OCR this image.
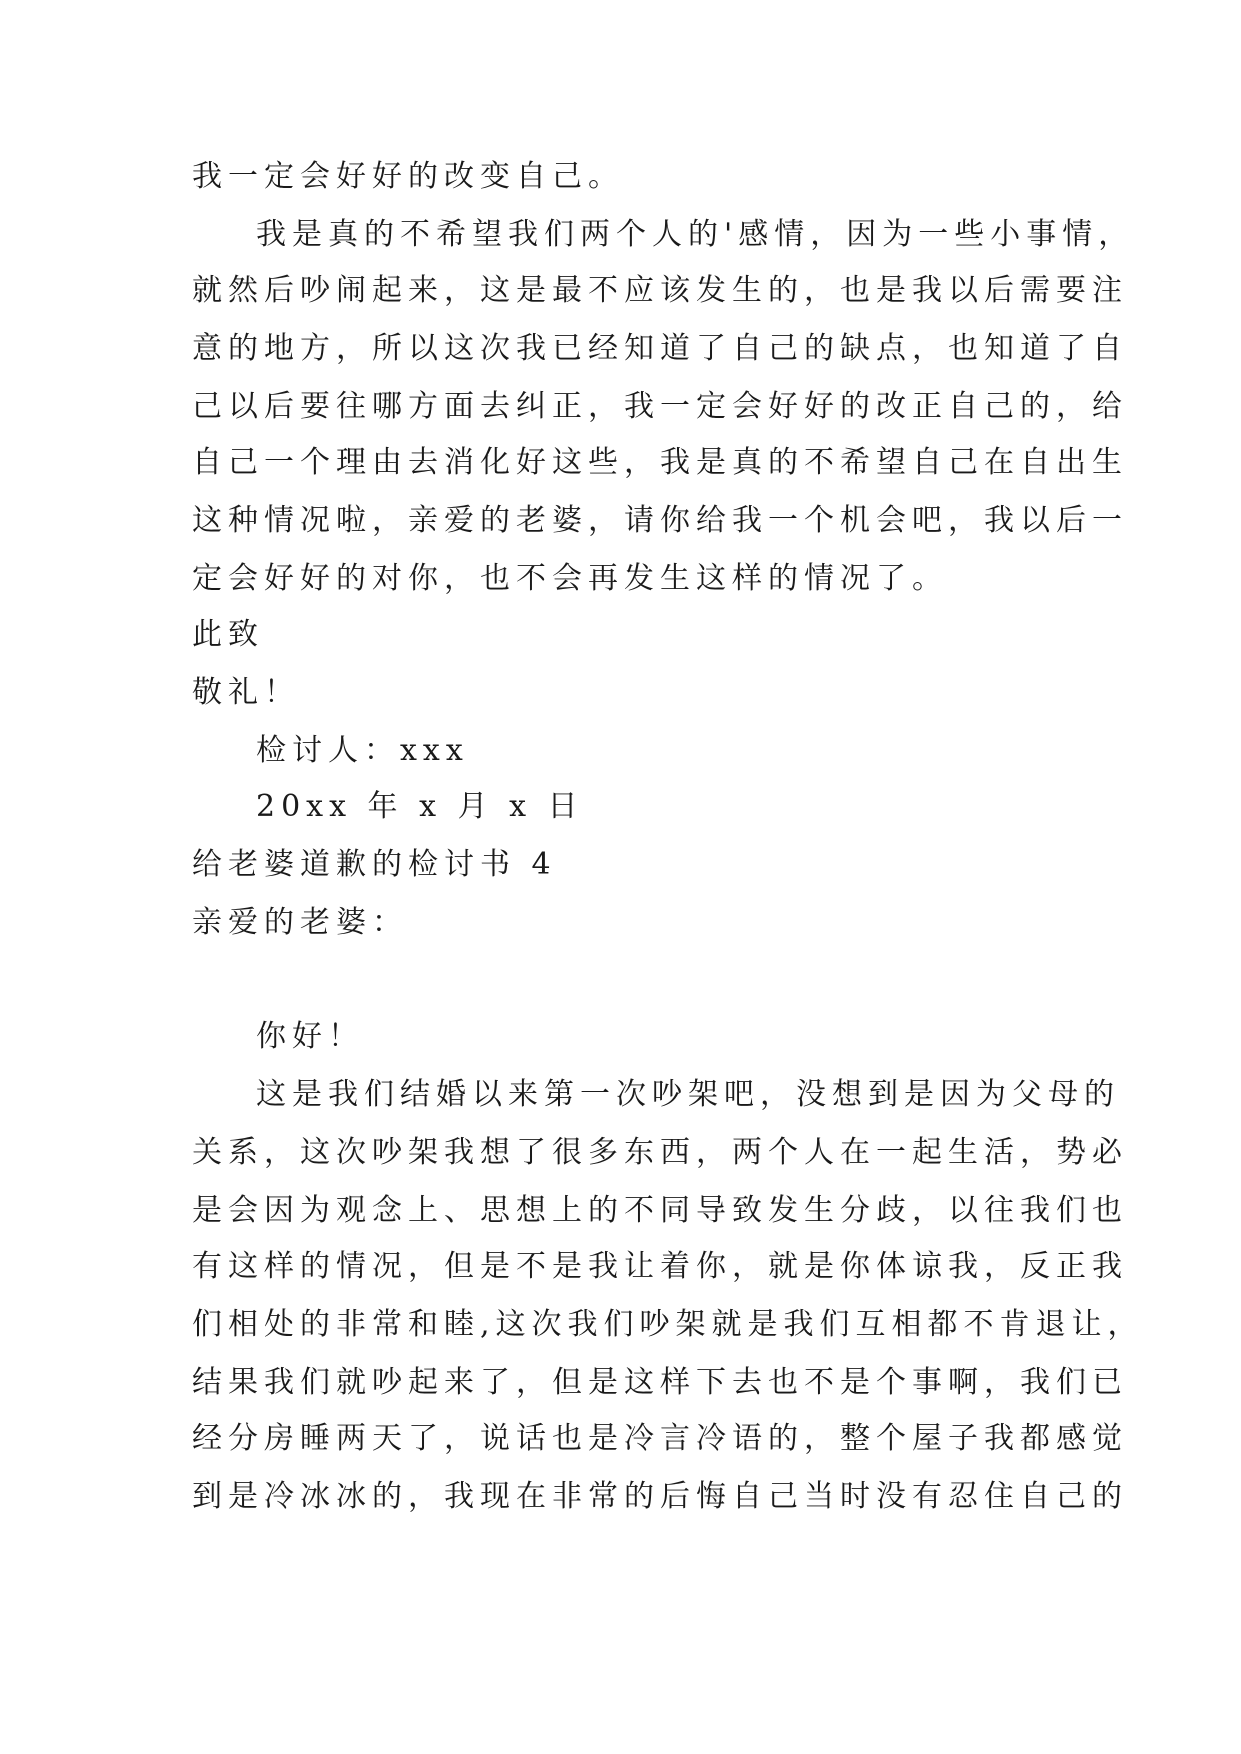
我一定会好好的改变自己。
我是真的不希望我们两个人的'感情，因为一些小事情，
就然后吵闹起来，这是最不应该发生的，也是我以后需要注
意的地方，所以这次我已经知道了自己的缺点，也知道了自
己以后要往哪方面去纠正，我一定会好好的改正自己的，给
自己一个理由去消化好这些，我是真的不希望自己在自出生
这种情况啦，亲爱的老婆，请你给我一个机会吧，我以后一
定会好好的对你，也不会再发生这样的情况了。
此致
敬礼！
检讨人：xxx
20xx 年 x 月 x 日
给老婆道歉的检讨书 4
亲爱的老婆：
你好！
这是我们结婚以来第一次吵架吧，没想到是因为父母的
关系，这次吵架我想了很多东西，两个人在一起生活，势必
是会因为观念上、思想上的不同导致发生分歧，以往我们也
有这样的情况，但是不是我让着你，就是你体谅我，反正我
们相处的非常和睦,这次我们吵架就是我们互相都不肯退让，
结果我们就吵起来了，但是这样下去也不是个事啊，我们已
经分房睡两天了，说话也是冷言冷语的，整个屋子我都感觉
到是冷冰冰的，我现在非常的后悔自己当时没有忍住自己的
